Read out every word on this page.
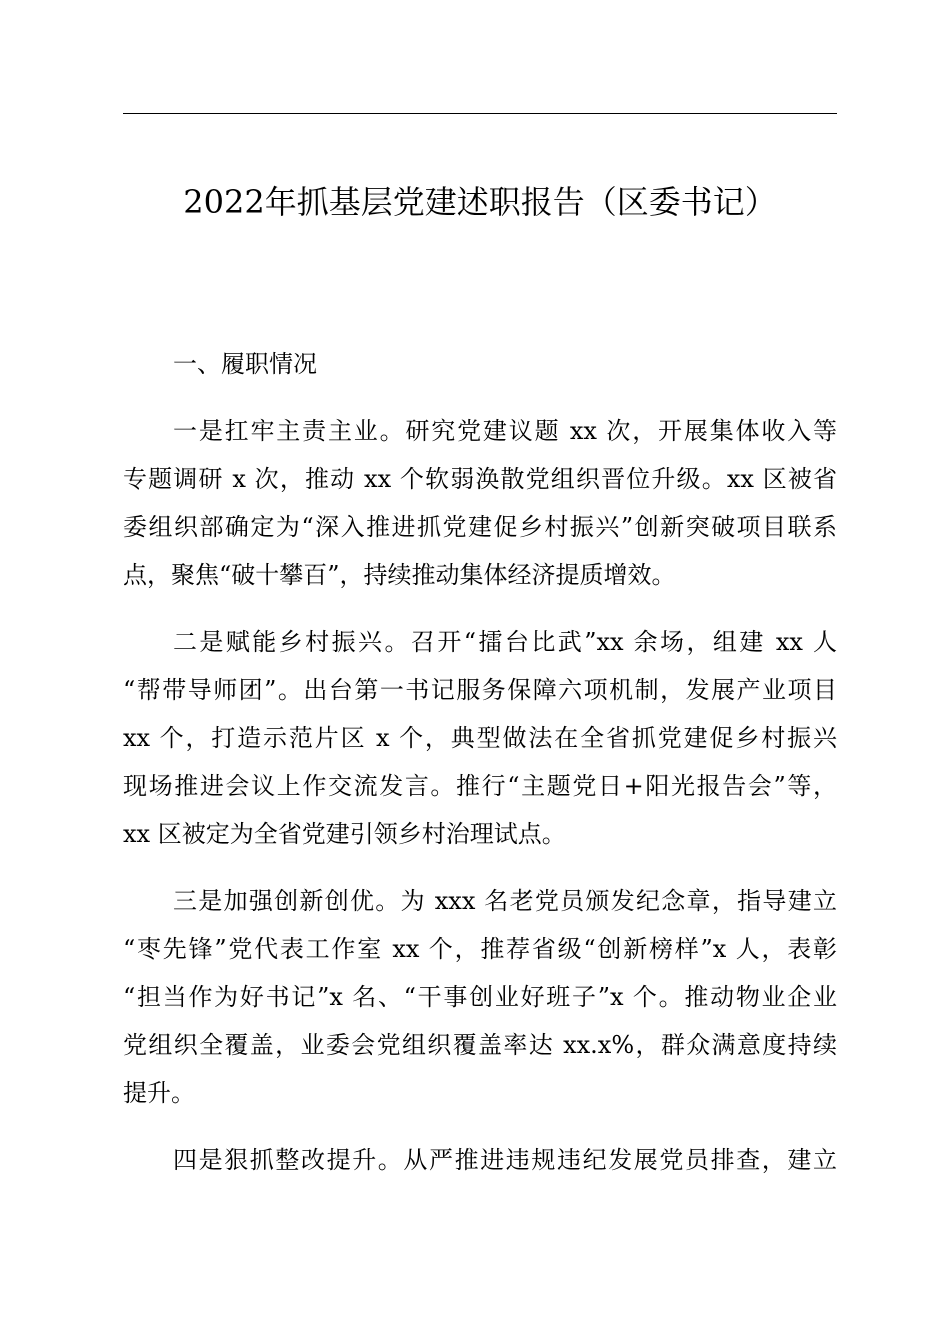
2022年抓基层党建述职报告（区委书记）

一、履职情况

一是扛牢主责主业。研究党建议题 xx 次，开展集体收入等
专题调研 x 次，推动 xx 个软弱涣散党组织晋位升级。xx 区被省
委组织部确定为“深入推进抓党建促乡村振兴”创新突破项目联系
点，聚焦“破十攀百”，持续推动集体经济提质增效。
二是赋能乡村振兴。召开“擂台比武”xx 余场，组建 xx 人
“帮带导师团”。出台第一书记服务保障六项机制，发展产业项目
xx 个，打造示范片区 x 个，典型做法在全省抓党建促乡村振兴
现场推进会议上作交流发言。推行“主题党日+阳光报告会”等，
xx 区被定为全省党建引领乡村治理试点。
三是加强创新创优。为 xxx 名老党员颁发纪念章，指导建立
“枣先锋”党代表工作室 xx 个，推荐省级“创新榜样”x 人，表彰
“担当作为好书记”x 名、“干事创业好班子”x 个。推动物业企业
党组织全覆盖，业委会党组织覆盖率达 xx.x%，群众满意度持续
提升。
四是狠抓整改提升。从严推进违规违纪发展党员排查，建立
